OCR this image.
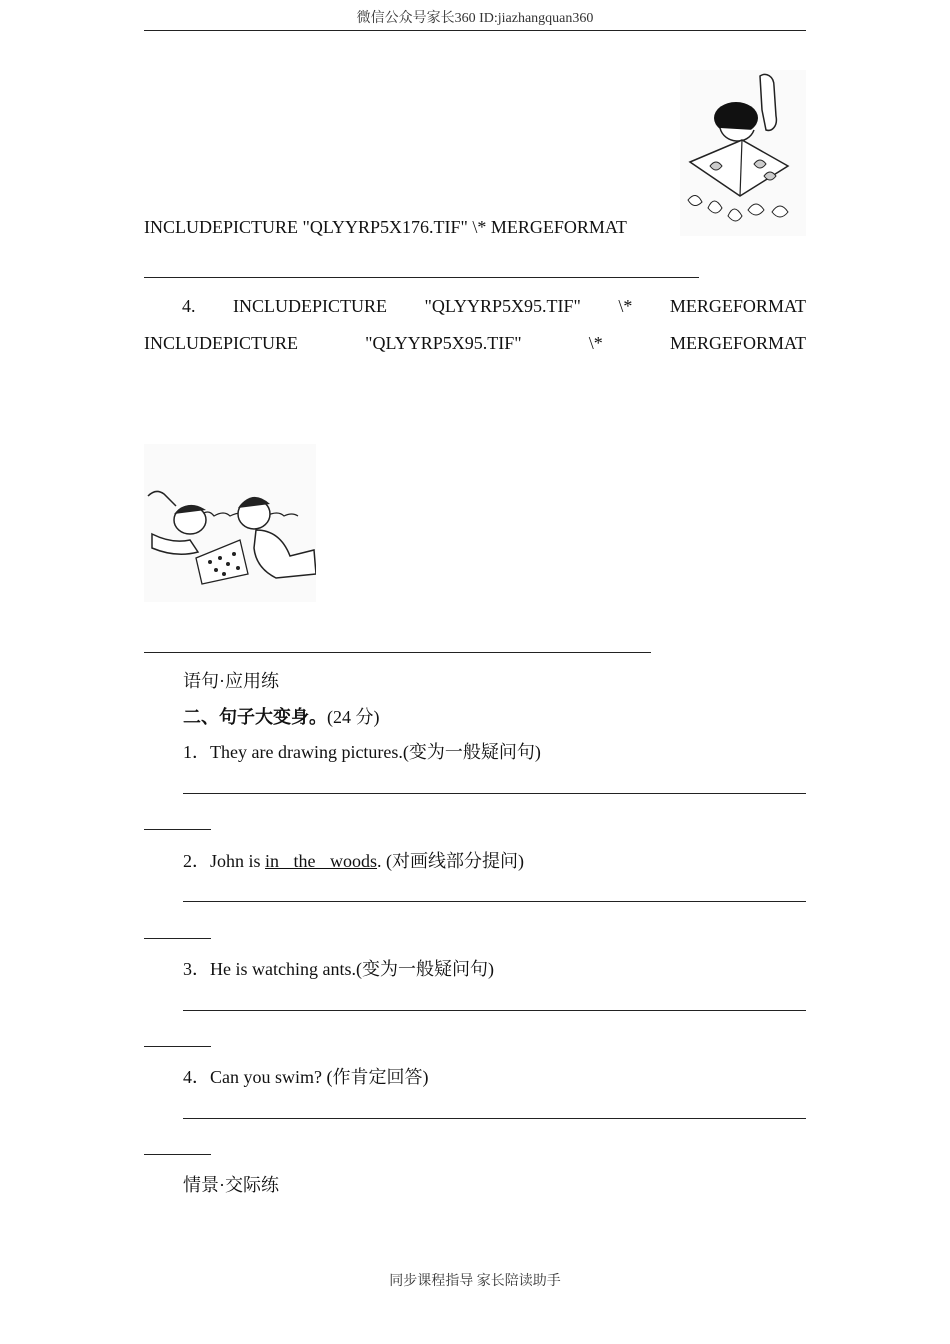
微信公众号家长360 ID:jiazhangquan360
INCLUDEPICTURE "QLYYRP5X176.TIF" \* MERGEFORMAT
4. INCLUDEPICTURE "QLYYRP5X95.TIF" \* MERGEFORMAT
INCLUDEPICTURE	"QLYYRP5X95.TIF"	\*	MERGEFORMAT
语句·应用练
二、句子大变身。(24 分)
1．They are drawing pictures.(变为一般疑问句)
2．John is in the woods. (对画线部分提问)
3．He is watching ants.(变为一般疑问句)
4．Can you swim? (作肯定回答)
情景·交际练
同步课程指导 家长陪读助手
